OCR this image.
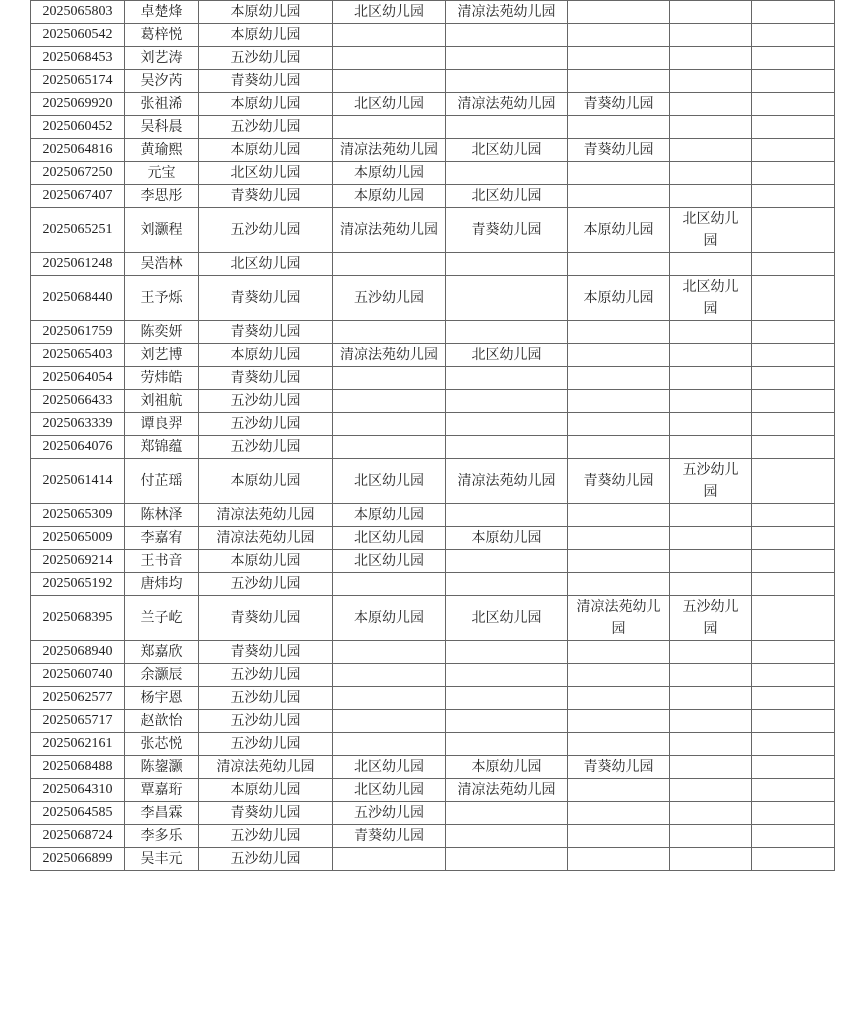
2025065803	卓楚烽	本原幼儿园	北区幼儿园	清凉法苑幼儿园			
2025060542	葛梓悦	本原幼儿园					
2025068453	刘艺涛	五沙幼儿园					
2025065174	吴汐芮	青葵幼儿园					
2025069920	张祖浠	本原幼儿园	北区幼儿园	清凉法苑幼儿园	青葵幼儿园		
2025060452	吴科晨	五沙幼儿园					
2025064816	黄瑜熙	本原幼儿园	清凉法苑幼儿园	北区幼儿园	青葵幼儿园		
2025067250	元宝	北区幼儿园	本原幼儿园				
2025067407	李思彤	青葵幼儿园	本原幼儿园	北区幼儿园			
2025065251	刘灏程	五沙幼儿园	清凉法苑幼儿园	青葵幼儿园	本原幼儿园	北区幼儿园	
2025061248	吴浩林	北区幼儿园					
2025068440	王予烁	青葵幼儿园	五沙幼儿园		本原幼儿园	北区幼儿园	
2025061759	陈奕妍	青葵幼儿园					
2025065403	刘艺博	本原幼儿园	清凉法苑幼儿园	北区幼儿园			
2025064054	劳炜皓	青葵幼儿园					
2025066433	刘祖航	五沙幼儿园					
2025063339	谭良羿	五沙幼儿园					
2025064076	郑锦蕴	五沙幼儿园					
2025061414	付芷瑶	本原幼儿园	北区幼儿园	清凉法苑幼儿园	青葵幼儿园	五沙幼儿园	
2025065309	陈林泽	清凉法苑幼儿园	本原幼儿园				
2025065009	李嘉宥	清凉法苑幼儿园	北区幼儿园	本原幼儿园			
2025069214	王书音	本原幼儿园	北区幼儿园				
2025065192	唐炜均	五沙幼儿园					
2025068395	兰子屹	青葵幼儿园	本原幼儿园	北区幼儿园	清凉法苑幼儿园	五沙幼儿园	
2025068940	郑嘉欣	青葵幼儿园					
2025060740	余灏辰	五沙幼儿园					
2025062577	杨宇恩	五沙幼儿园					
2025065717	赵歆怡	五沙幼儿园					
2025062161	张芯悦	五沙幼儿园					
2025068488	陈鋆灏	清凉法苑幼儿园	北区幼儿园	本原幼儿园	青葵幼儿园		
2025064310	覃嘉珩	本原幼儿园	北区幼儿园	清凉法苑幼儿园			
2025064585	李昌霖	青葵幼儿园	五沙幼儿园				
2025068724	李多乐	五沙幼儿园	青葵幼儿园				
2025066899	吴丰元	五沙幼儿园					
